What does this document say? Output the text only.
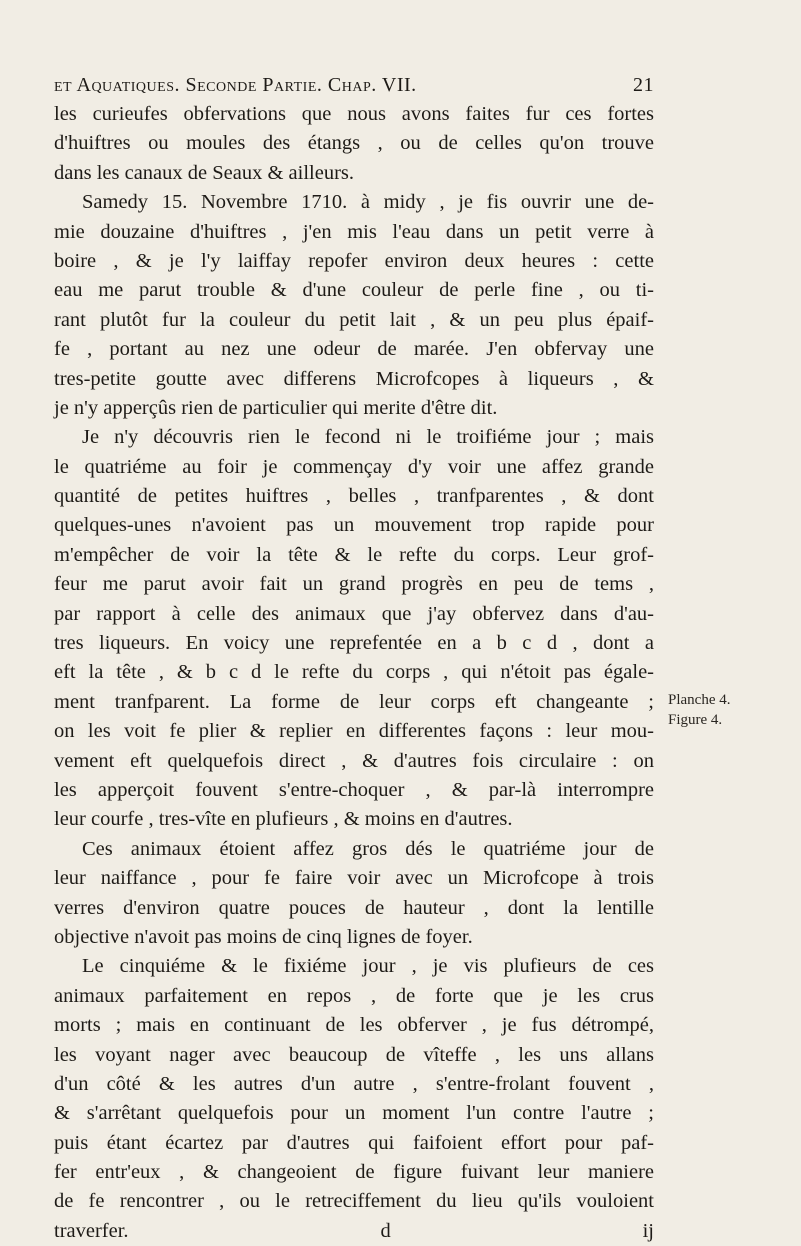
et Aquatiques. Seconde Partie. Chap. VII.	21
les curieufes obfervations que nous avons faites fur ces fortes
d'huiftres ou moules des étangs , ou de celles qu'on trouve
dans les canaux de Seaux & ailleurs.
Samedy 15. Novembre 1710. à midy , je fis ouvrir une de-
mie douzaine d'huiftres , j'en mis l'eau dans un petit verre à
boire , & je l'y laiffay repofer environ deux heures : cette
eau me parut trouble & d'une couleur de perle fine , ou ti-
rant plutôt fur la couleur du petit lait , & un peu plus épaif-
fe , portant au nez une odeur de marée. J'en obfervay une
tres-petite goutte avec differens Microfcopes à liqueurs , &
je n'y apperçûs rien de particulier qui merite d'être dit.
Je n'y découvris rien le fecond ni le troifiéme jour ; mais
le quatriéme au foir je commençay d'y voir une affez grande
quantité de petites huiftres , belles , tranfparentes , & dont
quelques-unes n'avoient pas un mouvement trop rapide pour
m'empêcher de voir la tête & le refte du corps. Leur grof-
feur me parut avoir fait un grand progrès en peu de tems ,
par rapport à celle des animaux que j'ay obfervez dans d'au-
tres liqueurs. En voicy une reprefentée en a b c d , dont a
eft la tête , & b c d le refte du corps , qui n'étoit pas égale-
ment tranfparent. La forme de leur corps eft changeante ;
on les voit fe plier & replier en differentes façons : leur mou-
vement eft quelquefois direct , & d'autres fois circulaire : on
les apperçoit fouvent s'entre-choquer , & par-là interrompre
leur courfe , tres-vîte en plufieurs , & moins en d'autres.
Ces animaux étoient affez gros dés le quatriéme jour de
leur naiffance , pour fe faire voir avec un Microfcope à trois
verres d'environ quatre pouces de hauteur , dont la lentille
objective n'avoit pas moins de cinq lignes de foyer.
Le cinquiéme & le fixiéme jour , je vis plufieurs de ces
animaux parfaitement en repos , de forte que je les crus
morts ; mais en continuant de les obferver , je fus détrompé,
les voyant nager avec beaucoup de vîteffe , les uns allans
d'un côté & les autres d'un autre , s'entre-frolant fouvent ,
& s'arrêtant quelquefois pour un moment l'un contre l'autre ;
puis étant écartez par d'autres qui faifoient effort pour paf-
fer entr'eux , & changeoient de figure fuivant leur maniere
de fe rencontrer , ou le retreciffement du lieu qu'ils vouloient
traverfer.	d ij
Planche 4.
Figure 4.
